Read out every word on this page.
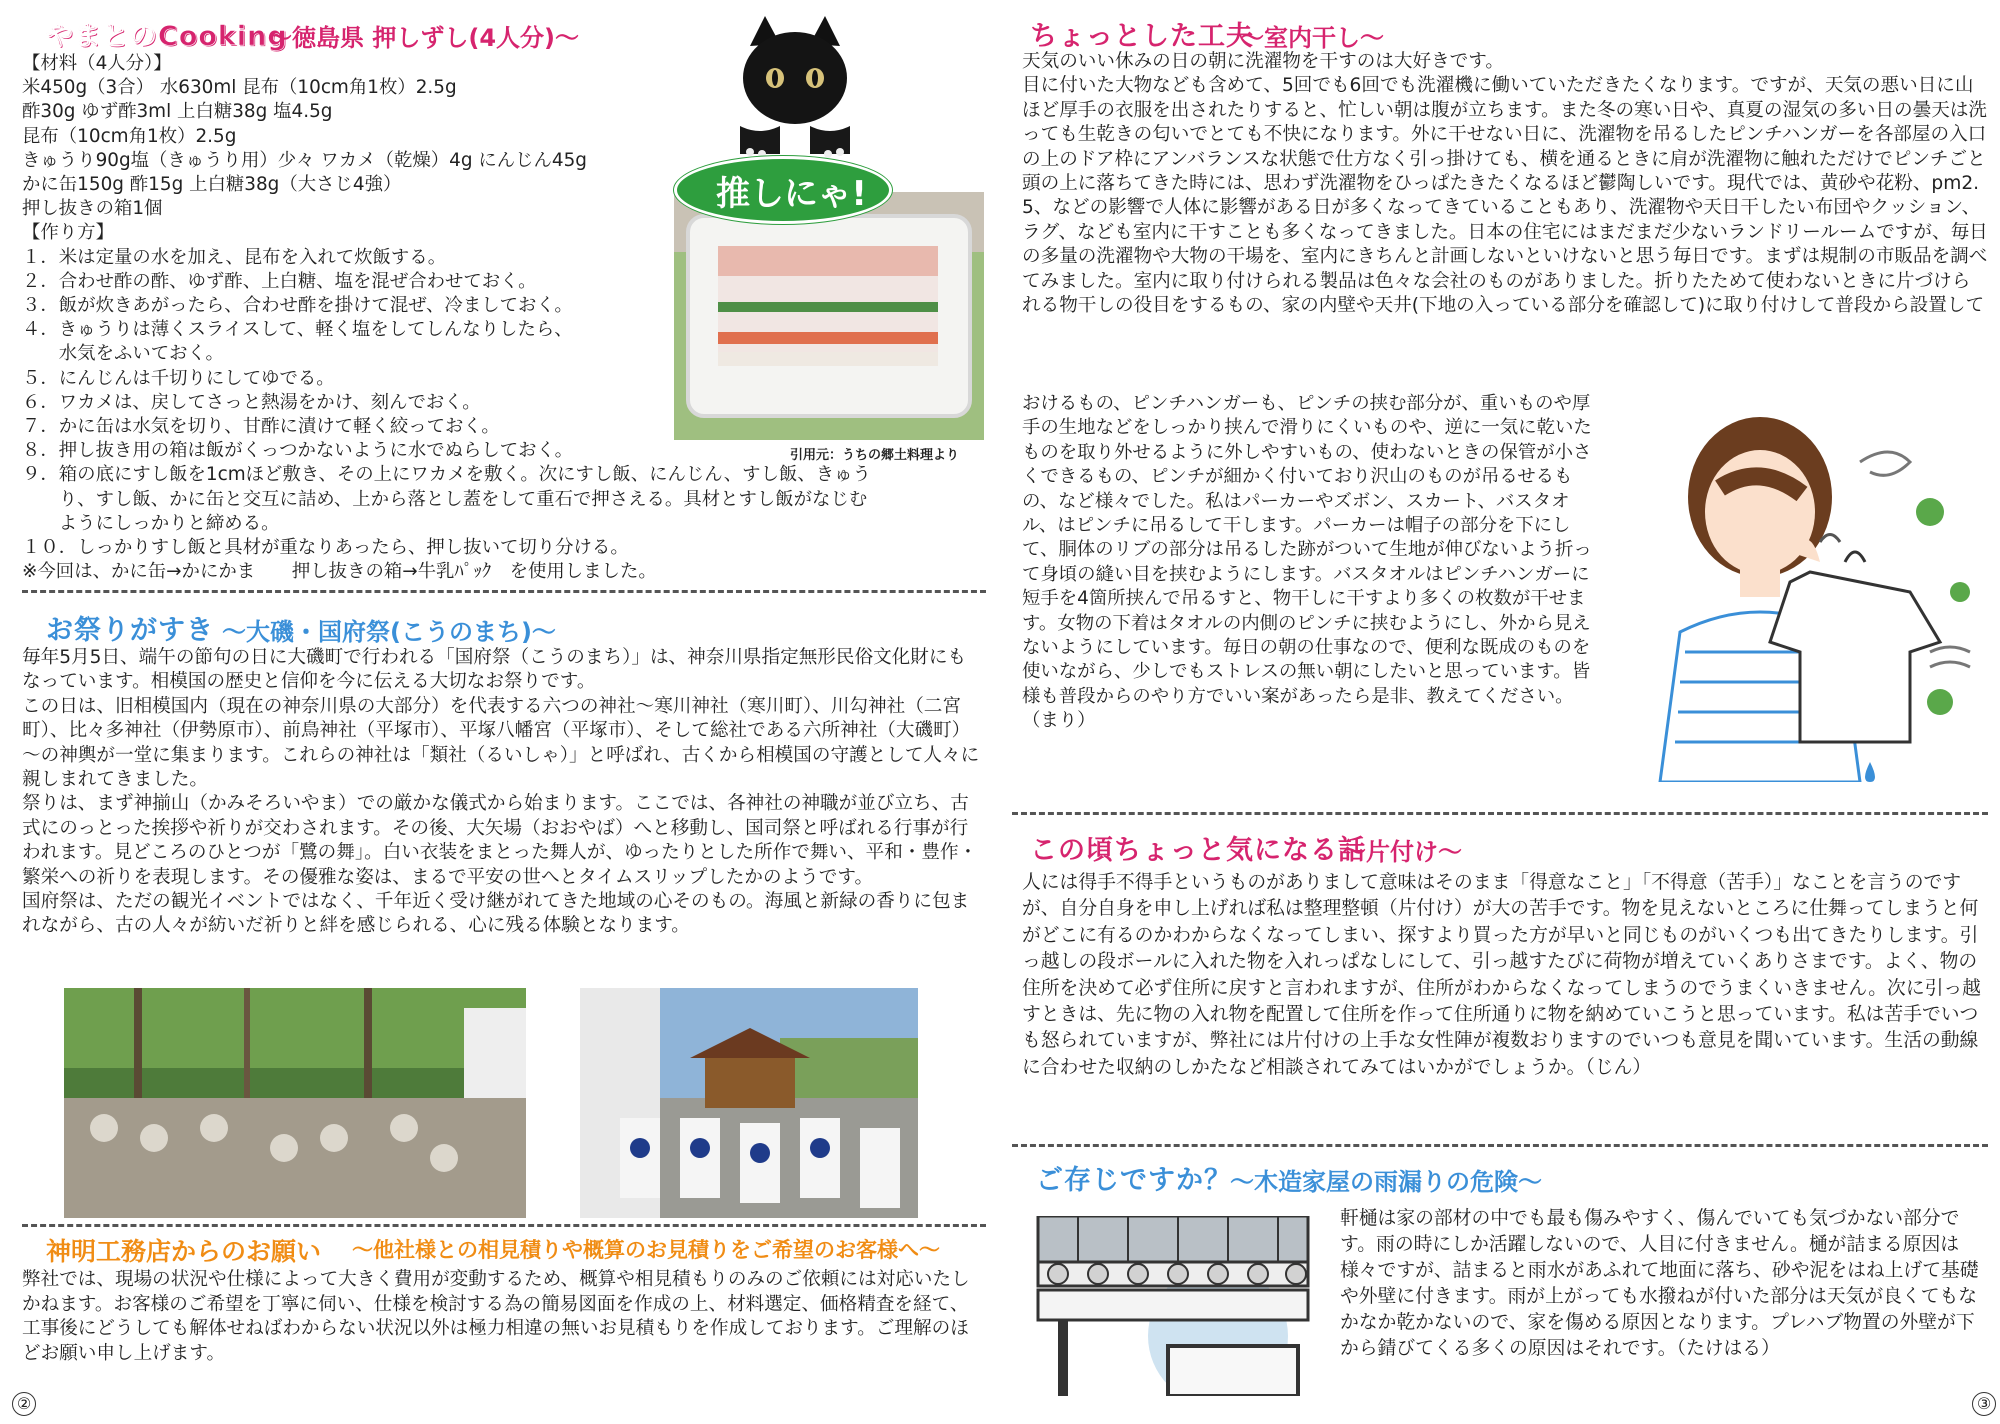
やまとのCooking
～徳島県 押しずし(4人分)～
【材料（4人分）】
米450g（3合） 水630ml 昆布（10cm角1枚）2.5g
酢30g ゆず酢3ml 上白糖38g 塩4.5g
昆布（10cm角1枚）2.5g
きゅうり90g塩（きゅうり用）少々 ワカメ（乾燥）4g にんじん45g
かに缶150g 酢15g 上白糖38g（大さじ4強）
押し抜きの箱1個
【作り方】
１．米は定量の水を加え、昆布を入れて炊飯する。
２．合わせ酢の酢、ゆず酢、上白糖、塩を混ぜ合わせておく。
３．飯が炊きあがったら、合わせ酢を掛けて混ぜ、冷ましておく。
４．きゅうりは薄くスライスして、軽く塩をしてしんなりしたら、
　　水気をふいておく。
５．にんじんは千切りにしてゆでる。
６．ワカメは、戻してさっと熱湯をかけ、刻んでおく。
７．かに缶は水気を切り、甘酢に漬けて軽く絞っておく。
８．押し抜き用の箱は飯がくっつかないように水でぬらしておく。
９．箱の底にすし飯を1cmほど敷き、その上にワカメを敷く。次にすし飯、にんじん、すし飯、きゅう
　　り、すし飯、かに缶と交互に詰め、上から落とし蓋をして重石で押さえる。具材とすし飯がなじむ
　　ようにしっかりと締める。
１０．しっかりすし飯と具材が重なりあったら、押し抜いて切り分ける。
※今回は、かに缶→かにかま　　押し抜きの箱→牛乳ﾊﾟｯｸ　を使用しました。
推しにゃ!
引用元：うちの郷土料理より
お祭りがすき ～大磯・国府祭(こうのまち)～
毎年5月5日、端午の節句の日に大磯町で行われる「国府祭（こうのまち）」は、神奈川県指定無形民俗文化財にもなっています。相模国の歴史と信仰を今に伝える大切なお祭りです。
この日は、旧相模国内（現在の神奈川県の大部分）を代表する六つの神社～寒川神社（寒川町）、川勾神社（二宮町）、比々多神社（伊勢原市）、前鳥神社（平塚市）、平塚八幡宮（平塚市）、そして総社である六所神社（大磯町）～の神輿が一堂に集まります。これらの神社は「類社（るいしゃ）」と呼ばれ、古くから相模国の守護として人々に親しまれてきました。
祭りは、まず神揃山（かみそろいやま）での厳かな儀式から始まります。ここでは、各神社の神職が並び立ち、古式にのっとった挨拶や祈りが交わされます。その後、大矢場（おおやば）へと移動し、国司祭と呼ばれる行事が行われます。見どころのひとつが「鷺の舞」。白い衣装をまとった舞人が、ゆったりとした所作で舞い、平和・豊作・繁栄への祈りを表現します。その優雅な姿は、まるで平安の世へとタイムスリップしたかのようです。
国府祭は、ただの観光イベントではなく、千年近く受け継がれてきた地域の心そのもの。海風と新緑の香りに包まれながら、古の人々が紡いだ祈りと絆を感じられる、心に残る体験となります。
神明工務店からのお願い ～他社様との相見積りや概算のお見積りをご希望のお客様へ～
弊社では、現場の状況や仕様によって大きく費用が変動するため、概算や相見積もりのみのご依頼には対応いたしかねます。お客様のご希望を丁寧に伺い、仕様を検討する為の簡易図面を作成の上、材料選定、価格精査を経て、工事後にどうしても解体せねばわからない状況以外は極力相違の無いお見積もりを作成しております。ご理解のほどお願い申し上げます。
②
ちょっとした工夫
～室内干し～
天気のいい休みの日の朝に洗濯物を干すのは大好きです。
目に付いた大物なども含めて、5回でも6回でも洗濯機に働いていただきたくなります。ですが、天気の悪い日に山ほど厚手の衣服を出されたりすると、忙しい朝は腹が立ちます。また冬の寒い日や、真夏の湿気の多い日の曇天は洗っても生乾きの匂いでとても不快になります。外に干せない日に、洗濯物を吊るしたピンチハンガーを各部屋の入口の上のドア枠にアンバランスな状態で仕方なく引っ掛けても、横を通るときに肩が洗濯物に触れただけでピンチごと頭の上に落ちてきた時には、思わず洗濯物をひっぱたきたくなるほど鬱陶しいです。現代では、黄砂や花粉、pm2.5、などの影響で人体に影響がある日が多くなってきていることもあり、洗濯物や天日干したい布団やクッション、ラグ、なども室内に干すことも多くなってきました。日本の住宅にはまだまだ少ないランドリールームですが、毎日の多量の洗濯物や大物の干場を、室内にきちんと計画しないといけないと思う毎日です。まずは規制の市販品を調べてみました。室内に取り付けられる製品は色々な会社のものがありました。折りたためて使わないときに片づけられる物干しの役目をするもの、家の内壁や天井(下地の入っている部分を確認して)に取り付けして普段から設置して
おけるもの、ピンチハンガーも、ピンチの挟む部分が、重いものや厚手の生地などをしっかり挟んで滑りにくいものや、逆に一気に乾いたものを取り外せるように外しやすいもの、使わないときの保管が小さくできるもの、ピンチが細かく付いており沢山のものが吊るせるもの、など様々でした。私はパーカーやズボン、スカート、バスタオル、はピンチに吊るして干します。パーカーは帽子の部分を下にして、胴体のリブの部分は吊るした跡がついて生地が伸びないよう折って身頃の縫い目を挟むようにします。バスタオルはピンチハンガーに短手を4箇所挟んで吊るすと、物干しに干すより多くの枚数が干せます。女物の下着はタオルの内側のピンチに挟むようにし、外から見えないようにしています。毎日の朝の仕事なので、便利な既成のものを使いながら、少しでもストレスの無い朝にしたいと思っています。皆様も普段からのやり方でいい案があったら是非、教えてください。（まり）
この頃ちょっと気になる話
～片付け～
人には得手不得手というものがありまして意味はそのまま「得意なこと」「不得意（苦手）」なことを言うのですが、自分自身を申し上げれば私は整理整頓（片付け）が大の苦手です。物を見えないところに仕舞ってしまうと何がどこに有るのかわからなくなってしまい、探すより買った方が早いと同じものがいくつも出てきたりします。引っ越しの段ボールに入れた物を入れっぱなしにして、引っ越すたびに荷物が増えていくありさまです。よく、物の住所を決めて必ず住所に戻すと言われますが、住所がわからなくなってしまうのでうまくいきません。次に引っ越すときは、先に物の入れ物を配置して住所を作って住所通りに物を納めていこうと思っています。私は苦手でいつも怒られていますが、弊社には片付けの上手な女性陣が複数おりますのでいつも意見を聞いています。生活の動線に合わせた収納のしかたなど相談されてみてはいかがでしょうか。（じん）
ご存じですか？
～木造家屋の雨漏りの危険～
軒樋は家の部材の中でも最も傷みやすく、傷んでいても気づかない部分です。雨の時にしか活躍しないので、人目に付きません。樋が詰まる原因は様々ですが、詰まると雨水があふれて地面に落ち、砂や泥をはね上げて基礎や外壁に付きます。雨が上がっても水撥ねが付いた部分は天気が良くてもなかなか乾かないので、家を傷める原因となります。プレハブ物置の外壁が下から錆びてくる多くの原因はそれです。（たけはる）
③
